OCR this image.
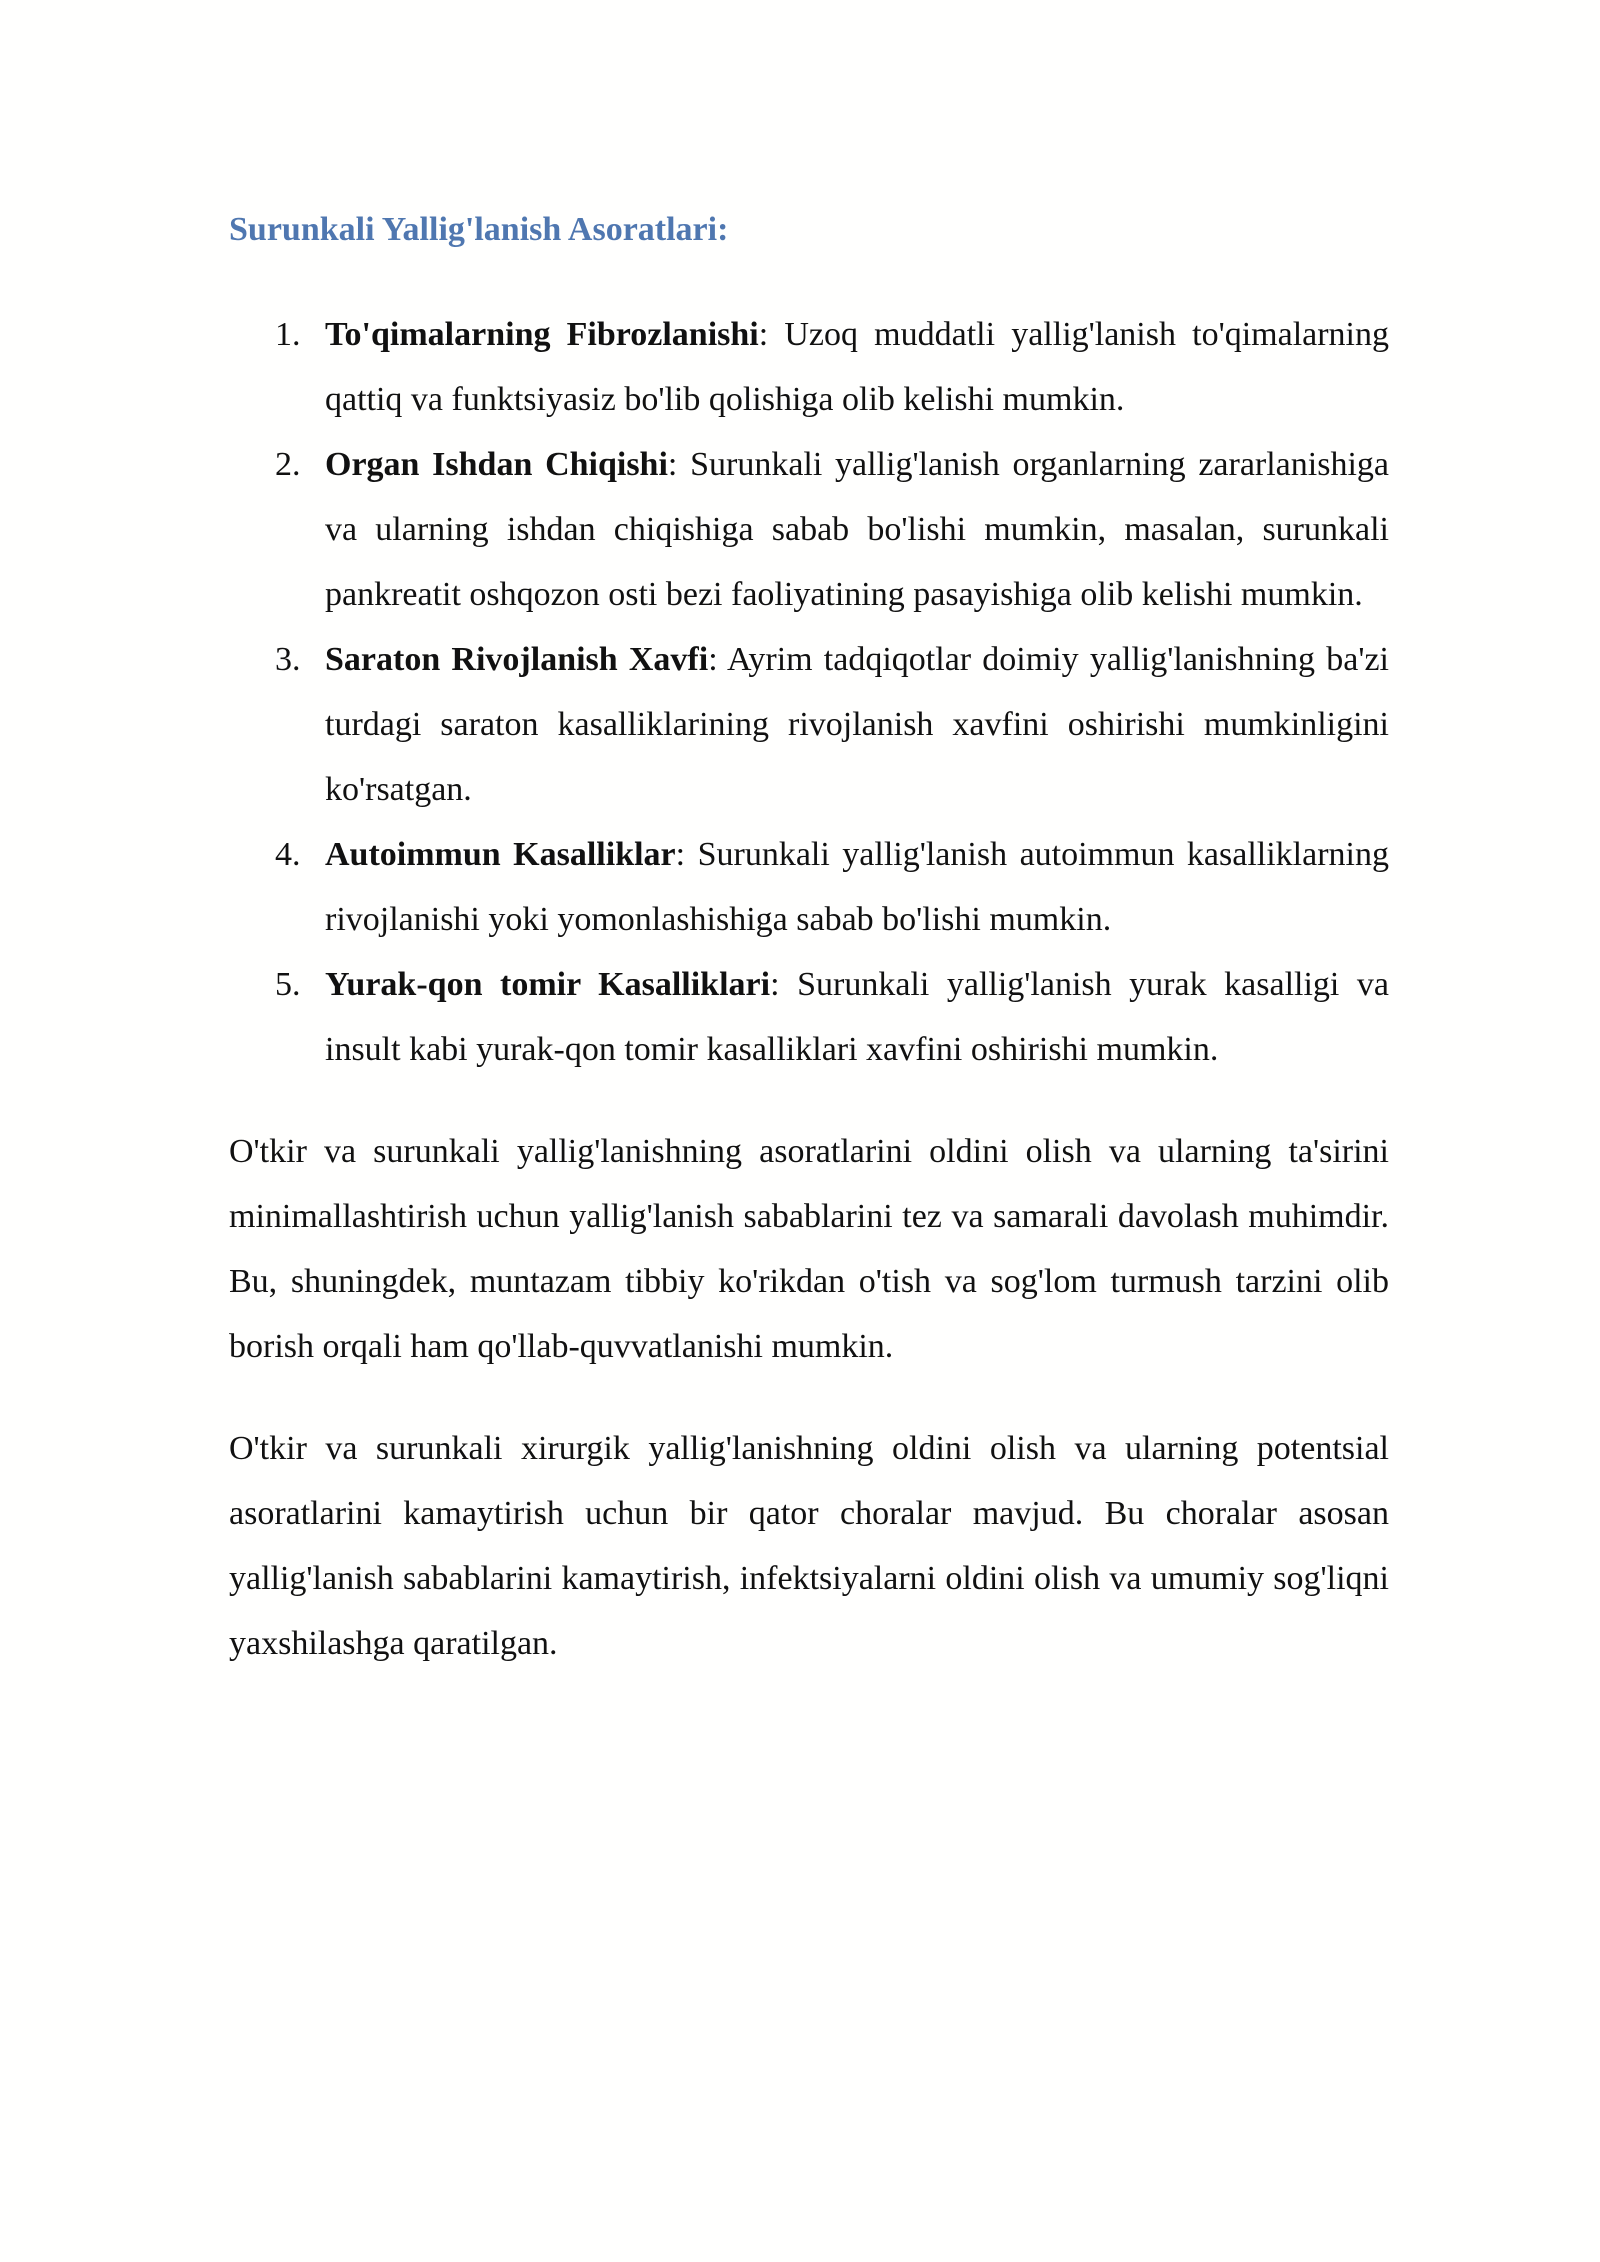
Surunkali Yallig'lanish Asoratlari:
1. To'qimalarning Fibrozlanishi: Uzoq muddatli yallig'lanish to'qimalarning qattiq va funktsiyasiz bo'lib qolishiga olib kelishi mumkin.
2. Organ Ishdan Chiqishi: Surunkali yallig'lanish organlarning zararlanishiga va ularning ishdan chiqishiga sabab bo'lishi mumkin, masalan, surunkali pankreatit oshqozon osti bezi faoliyatining pasayishiga olib kelishi mumkin.
3. Saraton Rivojlanish Xavfi: Ayrim tadqiqotlar doimiy yallig'lanishning ba'zi turdagi saraton kasalliklarining rivojlanish xavfini oshirishi mumkinligini ko'rsatgan.
4. Autoimmun Kasalliklar: Surunkali yallig'lanish autoimmun kasalliklarning rivojlanishi yoki yomonlashishiga sabab bo'lishi mumkin.
5. Yurak-qon tomir Kasalliklari: Surunkali yallig'lanish yurak kasalligi va insult kabi yurak-qon tomir kasalliklari xavfini oshirishi mumkin.

O'tkir va surunkali yallig'lanishning asoratlarini oldini olish va ularning ta'sirini minimallashtirish uchun yallig'lanish sabablarini tez va samarali davolash muhimdir. Bu, shuningdek, muntazam tibbiy ko'rikdan o'tish va sog'lom turmush tarzini olib borish orqali ham qo'llab-quvvatlanishi mumkin.

O'tkir va surunkali xirurgik yallig'lanishning oldini olish va ularning potentsial asoratlarini kamaytirish uchun bir qator choralar mavjud. Bu choralar asosan yallig'lanish sabablarini kamaytirish, infektsiyalarni oldini olish va umumiy sog'liqni yaxshilashga qaratilgan.
